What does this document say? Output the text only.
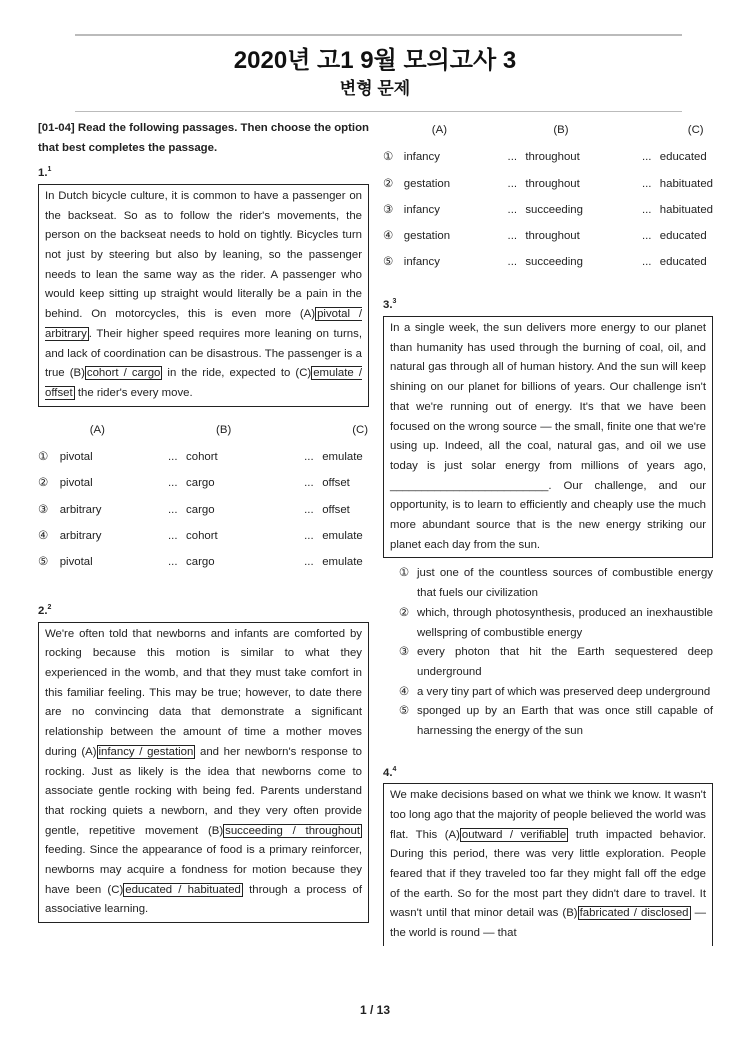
2020년 고1 9월 모의고사 3
변형 문제
[01-04] Read the following passages. Then choose the option that best completes the passage.
1.$^1$
In Dutch bicycle culture, it is common to have a passenger on the backseat. So as to follow the rider's movements, the person on the backseat needs to hold on tightly. Bicycles turn not just by steering but also by leaning, so the passenger needs to lean the same way as the rider. A passenger who would keep sitting up straight would literally be a pain in the behind. On motorcycles, this is even more (A) pivotal / arbitrary . Their higher speed requires more leaning on turns, and lack of coordination can be disastrous. The passenger is a true (B) cohort / cargo in the ride, expected to (C) emulate / offset the rider's every move.
	(A)		(B)		(C)
①	pivotal	...	cohort	...	emulate
②	pivotal	...	cargo	...	offset
③	arbitrary	...	cargo	...	offset
④	arbitrary	...	cohort	...	emulate
⑤	pivotal	...	cargo	...	emulate
2.$^2$
We're often told that newborns and infants are comforted by rocking because this motion is similar to what they experienced in the womb, and that they must take comfort in this familiar feeling. This may be true; however, to date there are no convincing data that demonstrate a significant relationship between the amount of time a mother moves during (A) infancy / gestation and her newborn's response to rocking. Just as likely is the idea that newborns come to associate gentle rocking with being fed. Parents understand that rocking quiets a newborn, and they very often provide gentle, repetitive movement (B) succeeding / throughout feeding. Since the appearance of food is a primary reinforcer, newborns may acquire a fondness for motion because they have been (C) educated / habituated through a process of associative learning.
	(A)		(B)		(C)
①	infancy	...	throughout	...	educated
②	gestation	...	throughout	...	habituated
③	infancy	...	succeeding	...	habituated
④	gestation	...	throughout	...	educated
⑤	infancy	...	succeeding	...	educated
3.$^3$
In a single week, the sun delivers more energy to our planet than humanity has used through the burning of coal, oil, and natural gas through all of human history. And the sun will keep shining on our planet for billions of years. Our challenge isn't that we're running out of energy. It's that we have been focused on the wrong source — the small, finite one that we're using up. Indeed, all the coal, natural gas, and oil we use today is just solar energy from millions of years ago, _________________________. Our challenge, and our opportunity, is to learn to efficiently and cheaply use the much more abundant source that is the new energy striking our planet each day from the sun.
① just one of the countless sources of combustible energy that fuels our civilization
② which, through photosynthesis, produced an inexhaustible wellspring of combustible energy
③ every photon that hit the Earth sequestered deep underground
④ a very tiny part of which was preserved deep underground
⑤ sponged up by an Earth that was once still capable of harnessing the energy of the sun
4.$^4$
We make decisions based on what we think we know. It wasn't too long ago that the majority of people believed the world was flat. This (A) outward / verifiable truth impacted behavior. During this period, there was very little exploration. People feared that if they traveled too far they might fall off the edge of the earth. So for the most part they didn't dare to travel. It wasn't until that minor detail was (B) fabricated / disclosed — the world is round — that
1 / 13
